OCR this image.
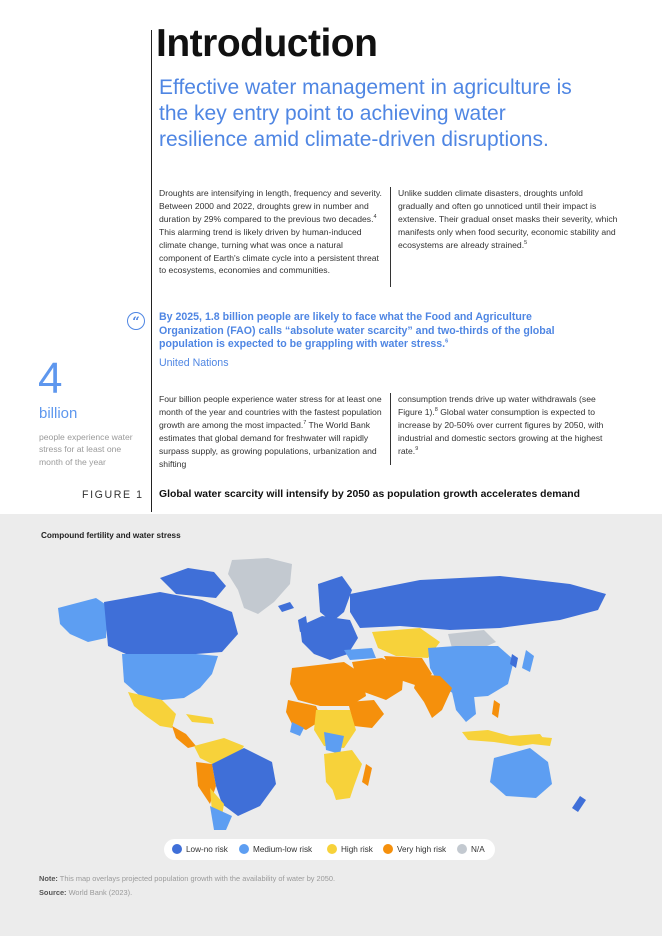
Introduction

Effective water management in agriculture is the key entry point to achieving water resilience amid climate-driven disruptions.

Droughts are intensifying in length, frequency and severity. Between 2000 and 2022, droughts grew in number and duration by 29% compared to the previous two decades.$^4$ This alarming trend is likely driven by human-induced climate change, turning what was once a natural component of Earth's climate cycle into a persistent threat to ecosystems, economies and communities.

Unlike sudden climate disasters, droughts unfold gradually and often go unnoticed until their impact is extensive. Their gradual onset masks their severity, which manifests only when food security, economic stability and ecosystems are already strained.$^5$

“	By 2025, 1.8 billion people are likely to face what the Food and Agriculture Organization (FAO) calls “absolute water scarcity” and two-thirds of the global population is expected to be grappling with water stress.$^6$

United Nations
4
billion
people experience water stress for at least one month of the year

Four billion people experience water stress for at least one month of the year and countries with the fastest population growth are among the most impacted.$^7$ The World Bank estimates that global demand for freshwater will rapidly surpass supply, as growing populations, urbanization and shifting

consumption trends drive up water withdrawals (see Figure 1).$^8$ Global water consumption is expected to increase by 20-50% over current figures by 2050, with industrial and domestic sectors growing at the highest rate.$^9$

FIGURE 1 Global water scarcity will intensify by 2050 as population growth accelerates demand
Compound fertility and water stress
Low-no risk	Medium-low risk	High risk	Very high risk	N/A
Note: This map overlays projected population growth with the availability of water by 2050.
Source: World Bank (2023).
